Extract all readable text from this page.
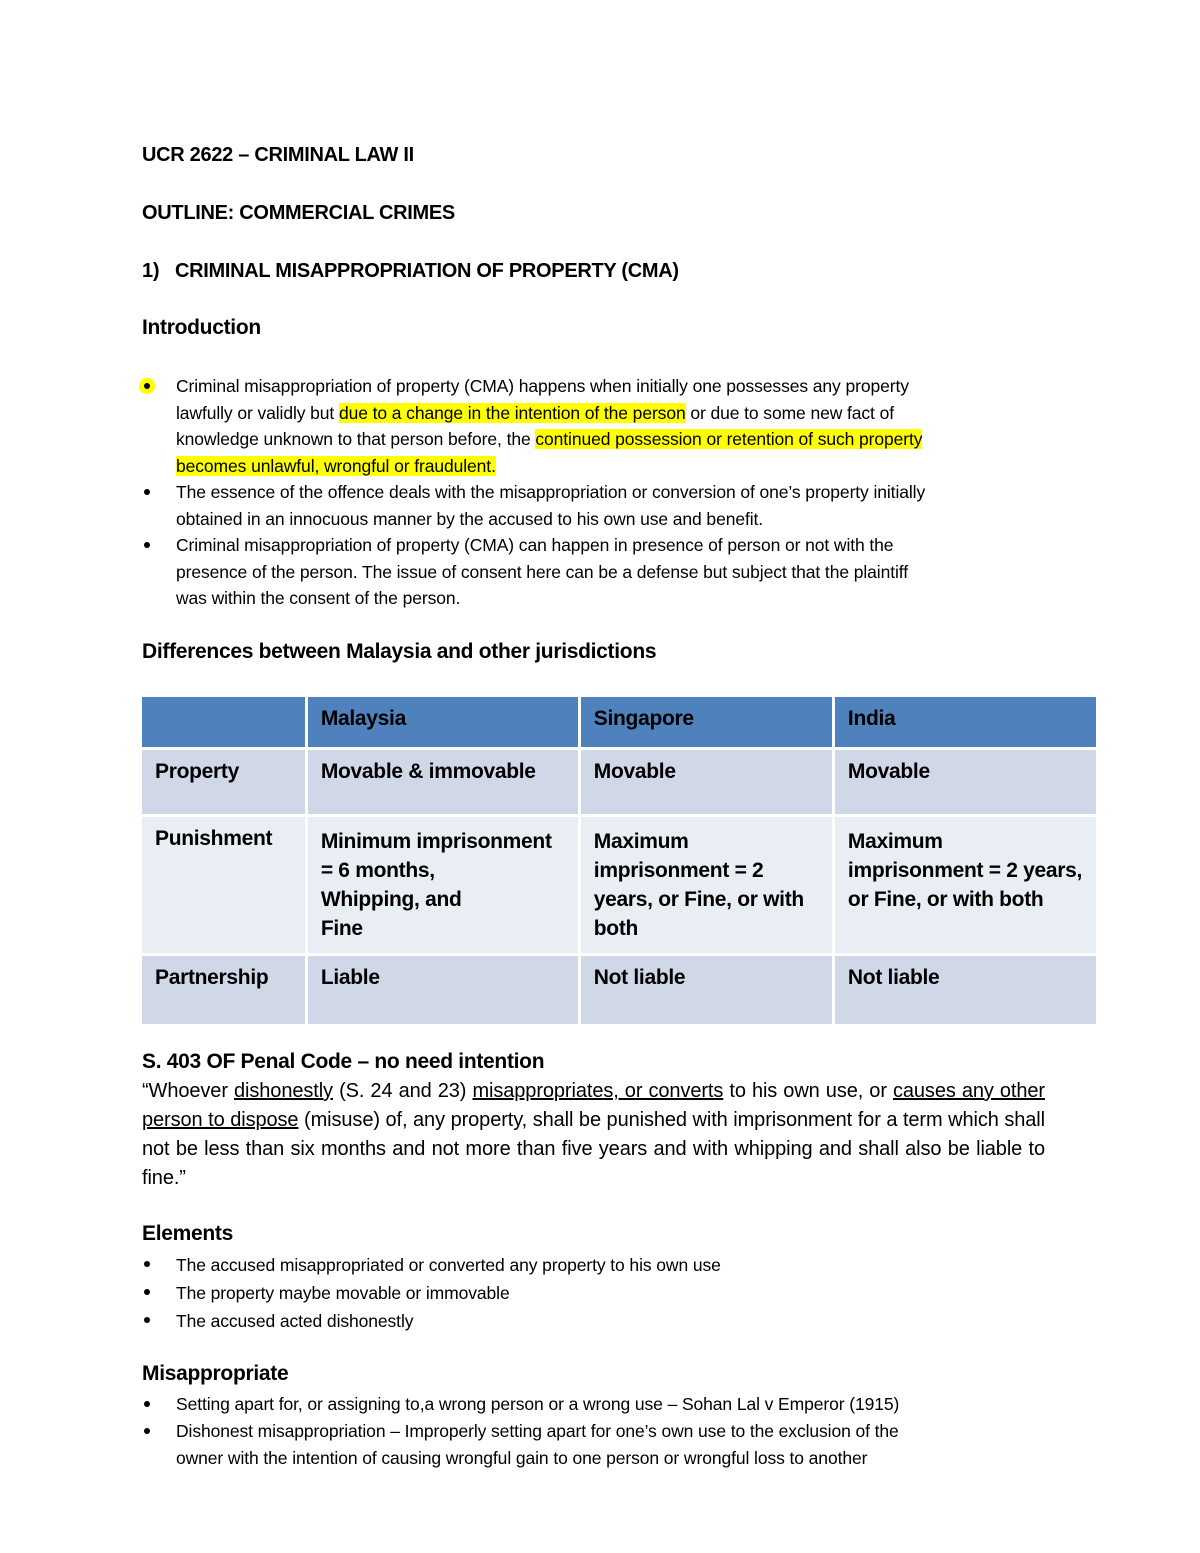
UCR 2622 – CRIMINAL LAW II
OUTLINE: COMMERCIAL CRIMES
1)   CRIMINAL MISAPPROPRIATION OF PROPERTY (CMA)
Introduction
Criminal misappropriation of property (CMA) happens when initially one possesses any property
lawfully or validly but due to a change in the intention of the person or due to some new fact of
knowledge unknown to that person before, the continued possession or retention of such property
becomes unlawful, wrongful or fraudulent.
The essence of the offence deals with the misappropriation or conversion of one’s property initially
obtained in an innocuous manner by the accused to his own use and benefit.
Criminal misappropriation of property (CMA) can happen in presence of person or not with the
presence of the person. The issue of consent here can be a defense but subject that the plaintiff
was within the consent of the person.
Differences between Malaysia and other jurisdictions
	Malaysia	Singapore	India
Property	Movable & immovable	Movable	Movable
Punishment	Minimum imprisonment
= 6 months,
Whipping, and
Fine	Maximum
imprisonment = 2
years, or Fine, or with
both	Maximum
imprisonment = 2 years,
or Fine, or with both
Partnership	Liable	Not liable	Not liable
S. 403 OF Penal Code – no need intention
“Whoever dishonestly (S. 24 and 23) misappropriates, or converts to his own use, or causes any other person to dispose (misuse) of, any property, shall be punished with imprisonment for a term which shall not be less than six months and not more than five years and with whipping and shall also be liable to fine.”
Elements
The accused misappropriated or converted any property to his own use
The property maybe movable or immovable
The accused acted dishonestly
Misappropriate
Setting apart for, or assigning to,a wrong person or a wrong use – Sohan Lal v Emperor (1915)
Dishonest misappropriation – Improperly setting apart for one’s own use to the exclusion of the
owner with the intention of causing wrongful gain to one person or wrongful loss to another
